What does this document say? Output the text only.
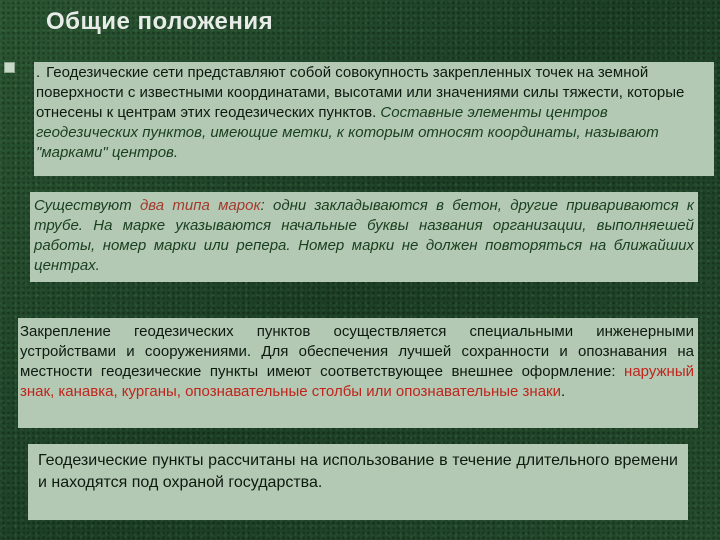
Общие положения
. Геодезические сети представляют собой совокупность закрепленных точек на земной поверхности с известными координатами, высотами или значениями силы тяжести, которые отнесены к центрам этих геодезических пунктов. Составные элементы центров геодезических пунктов, имеющие метки, к которым относят координаты, называют "марками" центров.
Существуют два типа марок: одни закладываются в бетон, другие привариваются к трубе. На марке указываются начальные буквы названия организации, выполняешей работы, номер марки или репера. Номер марки не должен повторяться на ближайших центрах.
Закрепление геодезических пунктов осуществляется специальными инженерными устройствами и сооружениями. Для обеспечения лучшей сохранности и опознавания на местности геодезические пункты имеют соответствующее внешнее оформление: наружный знак, канавка, курганы, опознавательные столбы или опознавательные знаки.
Геодезические пункты рассчитаны на использование в течение длительного времени и находятся под охраной государства.
